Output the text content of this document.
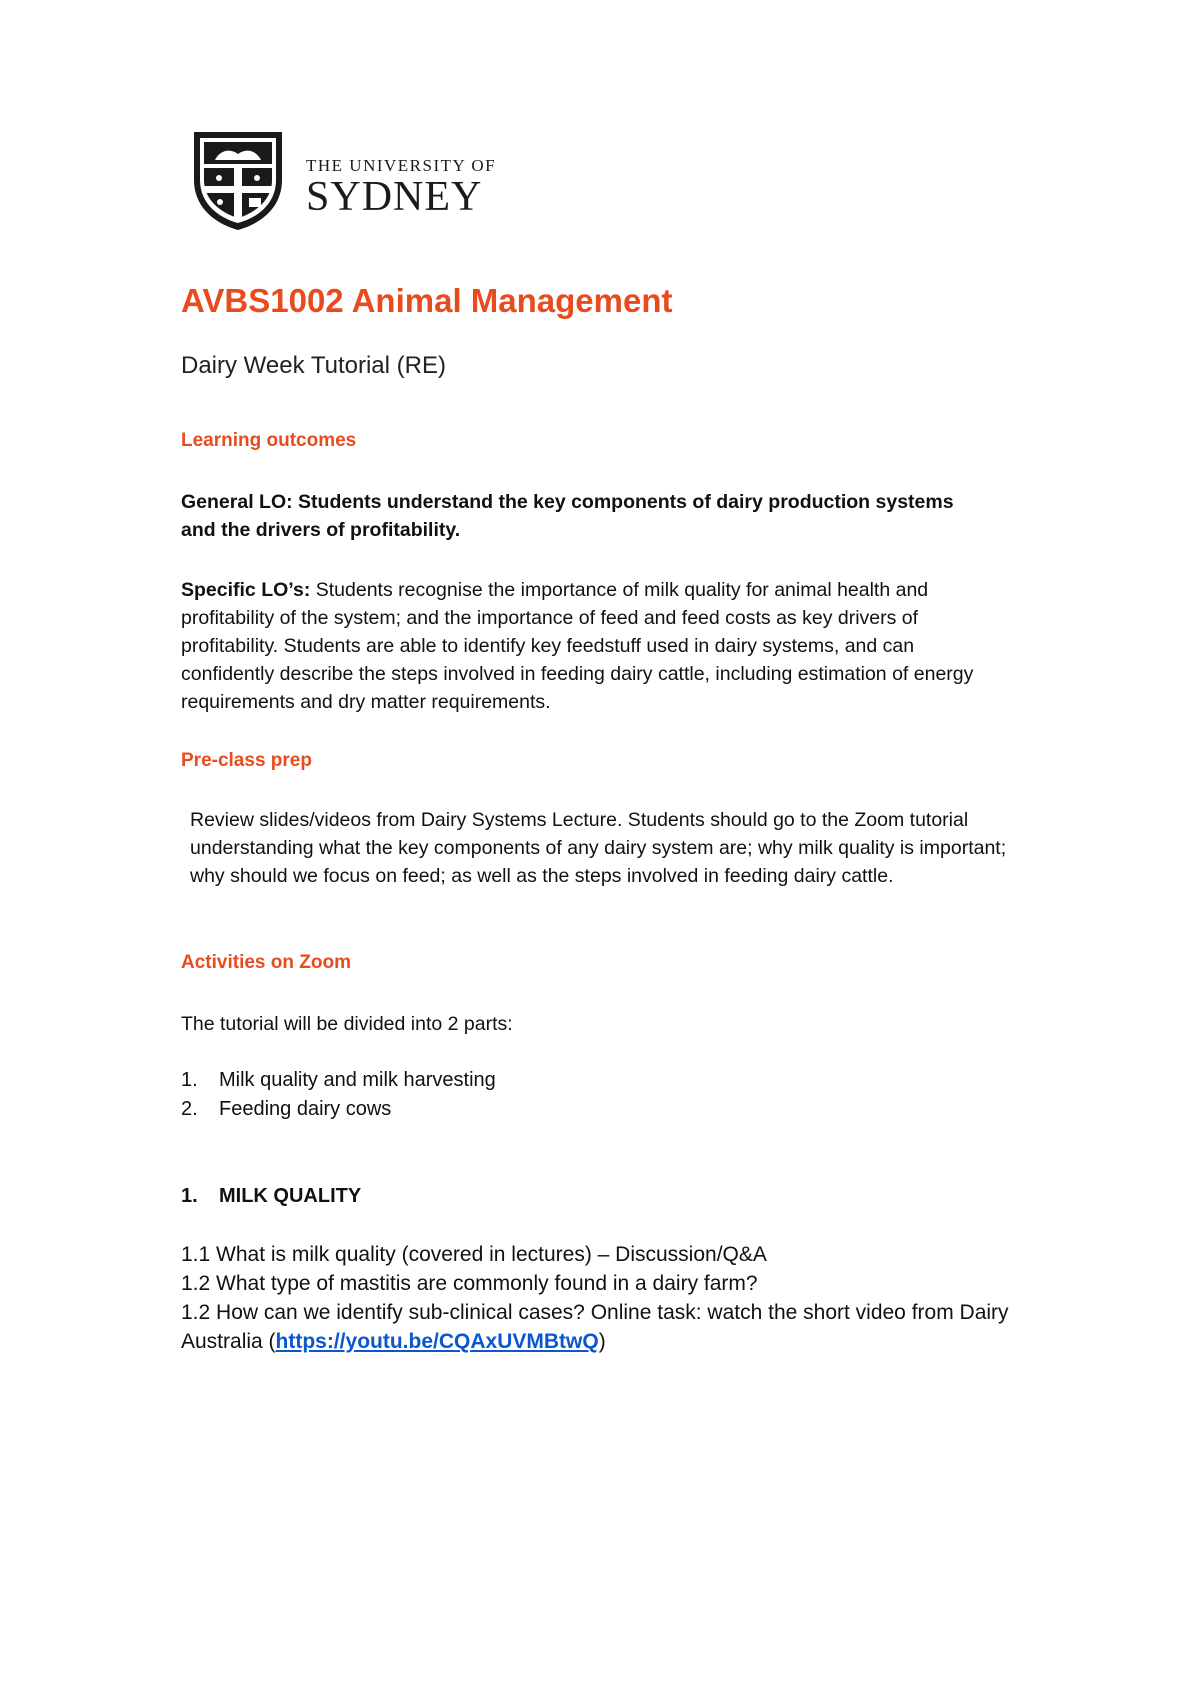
THE UNIVERSITY OF
SYDNEY
AVBS1002 Animal Management
Dairy Week Tutorial (RE)
Learning outcomes
General LO: Students understand the key components of dairy production systems and the drivers of profitability.
Specific LO’s: Students recognise the importance of milk quality for animal health and profitability of the system; and the importance of feed and feed costs as key drivers of profitability. Students are able to identify key feedstuff used in dairy systems, and can confidently describe the steps involved in feeding dairy cattle, including estimation of energy requirements and dry matter requirements.
Pre-class prep
Review slides/videos from Dairy Systems Lecture. Students should go to the Zoom tutorial understanding what the key components of any dairy system are; why milk quality is important; why should we focus on feed; as well as the steps involved in feeding dairy cattle.
Activities on Zoom
The tutorial will be divided into 2 parts:
1. Milk quality and milk harvesting
2. Feeding dairy cows
1. MILK QUALITY
1.1 What is milk quality (covered in lectures) – Discussion/Q&A
1.2 What type of mastitis are commonly found in a dairy farm?
1.2 How can we identify sub-clinical cases? Online task: watch the short video from Dairy Australia (https://youtu.be/CQAxUVMBtwQ)
